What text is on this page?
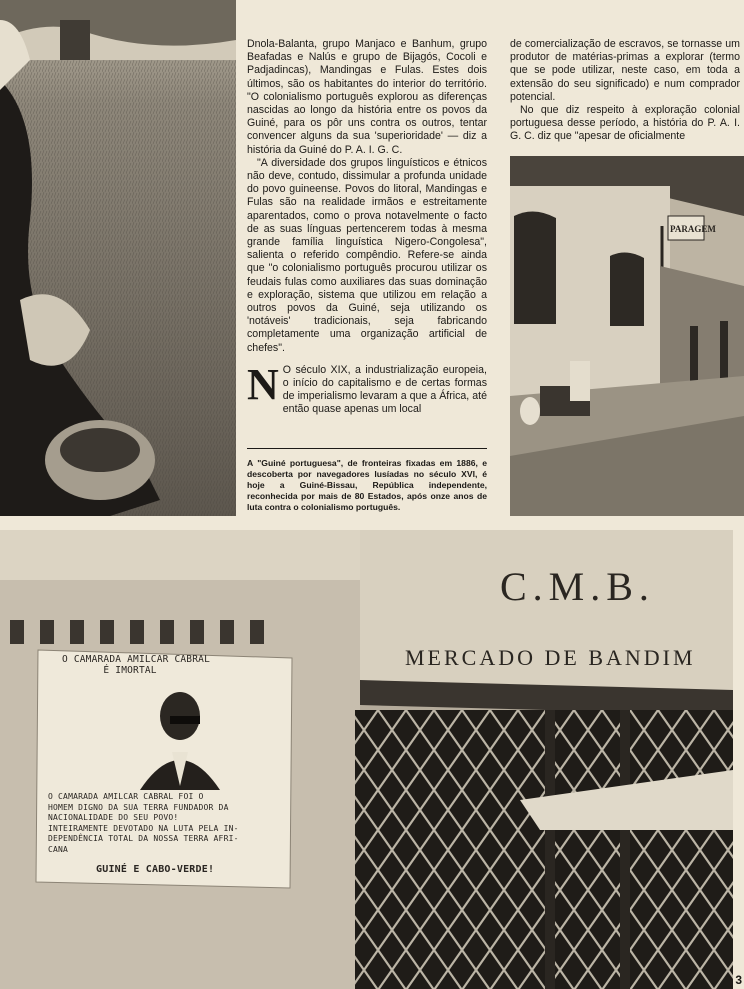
PARAGEM

Dnola-Balanta, grupo Manjaco e Banhum, grupo Beafadas e Nalús e grupo de Bijagós, Cocoli e Padjadincas), Mandingas e Fulas. Estes dois últimos, são os habitantes do interior do território. "O colonialismo português explorou as diferenças nascidas ao longo da história entre os povos da Guiné, para os pôr uns contra os outros, tentar convencer alguns da sua 'superioridade' — diz a história da Guiné do P. A. I. G. C.

"A diversidade dos grupos linguísticos e étnicos não deve, contudo, dissimular a profunda unidade do povo guineense. Povos do litoral, Mandingas e Fulas são na realidade irmãos e estreitamente aparentados, como o prova notavelmente o facto de as suas línguas pertencerem todas à mesma grande família linguística Nigero-Congolesa", salienta o referido compêndio. Refere-se ainda que "o colonialismo português procurou utilizar os feudais fulas como auxiliares das suas dominação e exploração, sistema que utilizou em relação a outros povos da Guiné, seja utilizando os 'notáveis' tradicionais, seja fabricando completamente uma organização artificial de chefes".

N O século XIX, a industrialização europeia, o início do capitalismo e de certas formas de imperialismo levaram a que a África, até então quase apenas um local

A "Guiné portuguesa", de fronteiras fixadas em 1886, e descoberta por navegadores lusíadas no século XVI, é hoje a Guiné-Bissau, República independente, reconhecida por mais de 80 Estados, após onze anos de luta contra o colonialismo português.

de comercialização de escravos, se tornasse um produtor de matérias-primas a explorar (termo que se pode utilizar, neste caso, em toda a extensão do seu significado) e num comprador potencial.

No que diz respeito à exploração colonial portuguesa desse período, a história do P. A. I. G. C. diz que "apesar de oficialmente

C.M.B.
MERCADO DE BANDIM
O CAMARADA AMILCAR CABRAL
É IMORTAL
O CAMARADA AMILCAR CABRAL FOI O
HOMEM DIGNO DA SUA TERRA FUNDADOR DA
NACIONALIDADE DO SEU POVO!
INTEIRAMENTE DEVOTADO NA LUTA PELA IN-
DEPENDÊNCIA TOTAL DA NOSSA TERRA AFRI-
CANA
GUINÉ E CABO-VERDE!
3
